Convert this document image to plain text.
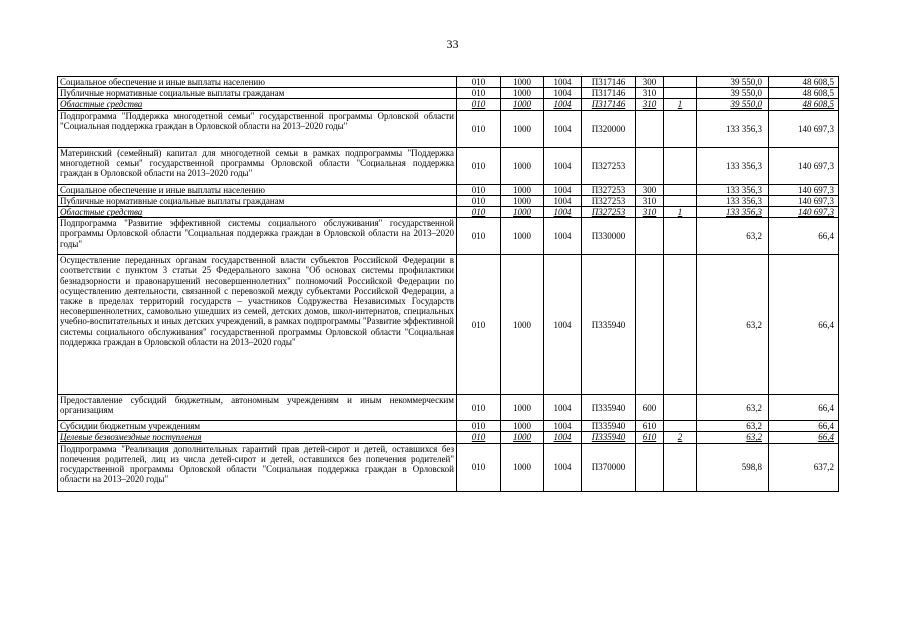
33
Социальное обеспечение и иные выплаты населению	010	1000	1004	П317146	300		39 550,0	48 608,5
Публичные нормативные социальные выплаты гражданам	010	1000	1004	П317146	310		39 550,0	48 608,5
Областные средства	010	1000	1004	П317146	310	1	39 550,0	48 608,5
Подпрограмма "Поддержка многодетной семьи" государственной программы Орловской области "Социальная поддержка граждан в Орловской области на 2013–2020 годы"	010	1000	1004	П320000			133 356,3	140 697,3
Материнский (семейный) капитал для многодетной семьи в рамках подпрограммы "Поддержка многодетной семьи" государственной программы Орловской области "Социальная поддержка граждан в Орловской области на 2013–2020 годы"	010	1000	1004	П327253			133 356,3	140 697,3
Социальное обеспечение и иные выплаты населению	010	1000	1004	П327253	300		133 356,3	140 697,3
Публичные нормативные социальные выплаты гражданам	010	1000	1004	П327253	310		133 356,3	140 697,3
Областные средства	010	1000	1004	П327253	310	1	133 356,3	140 697,3
Подпрограмма "Развитие эффективной системы социального обслуживания" государственной программы Орловской области "Социальная поддержка граждан в Орловской области на 2013–2020 годы"	010	1000	1004	П330000			63,2	66,4
Осуществление переданных органам государственной власти субъектов Российской Федерации в соответствии с пунктом 3 статьи 25 Федерального закона "Об основах системы профилактики безнадзорности и правонарушений несовершеннолетних" полномочий Российской Федерации по осуществлению деятельности, связанной с перевозкой между субъектами Российской Федерации, а также в пределах территорий государств – участников Содружества Независимых Государств несовершеннолетних, самовольно ушедших из семей, детских домов, школ-интернатов, специальных учебно-воспитательных и иных детских учреждений, в рамках подпрограммы "Развитие эффективной системы социального обслуживания" государственной программы Орловской области "Социальная поддержка граждан в Орловской области на 2013–2020 годы"	010	1000	1004	П335940			63,2	66,4
Предоставление субсидий бюджетным, автономным учреждениям и иным некоммерческим организациям	010	1000	1004	П335940	600		63,2	66,4
Субсидии бюджетным учреждениям	010	1000	1004	П335940	610		63,2	66,4
Целевые безвозмездные поступления	010	1000	1004	П335940	610	2	63,2	66,4
Подпрограмма "Реализация дополнительных гарантий прав детей-сирот и детей, оставшихся без попечения родителей, лиц из числа детей-сирот и детей, оставшихся без попечения родителей" государственной программы Орловской области "Социальная поддержка граждан в Орловской области на 2013–2020 годы"	010	1000	1004	П370000			598,8	637,2
